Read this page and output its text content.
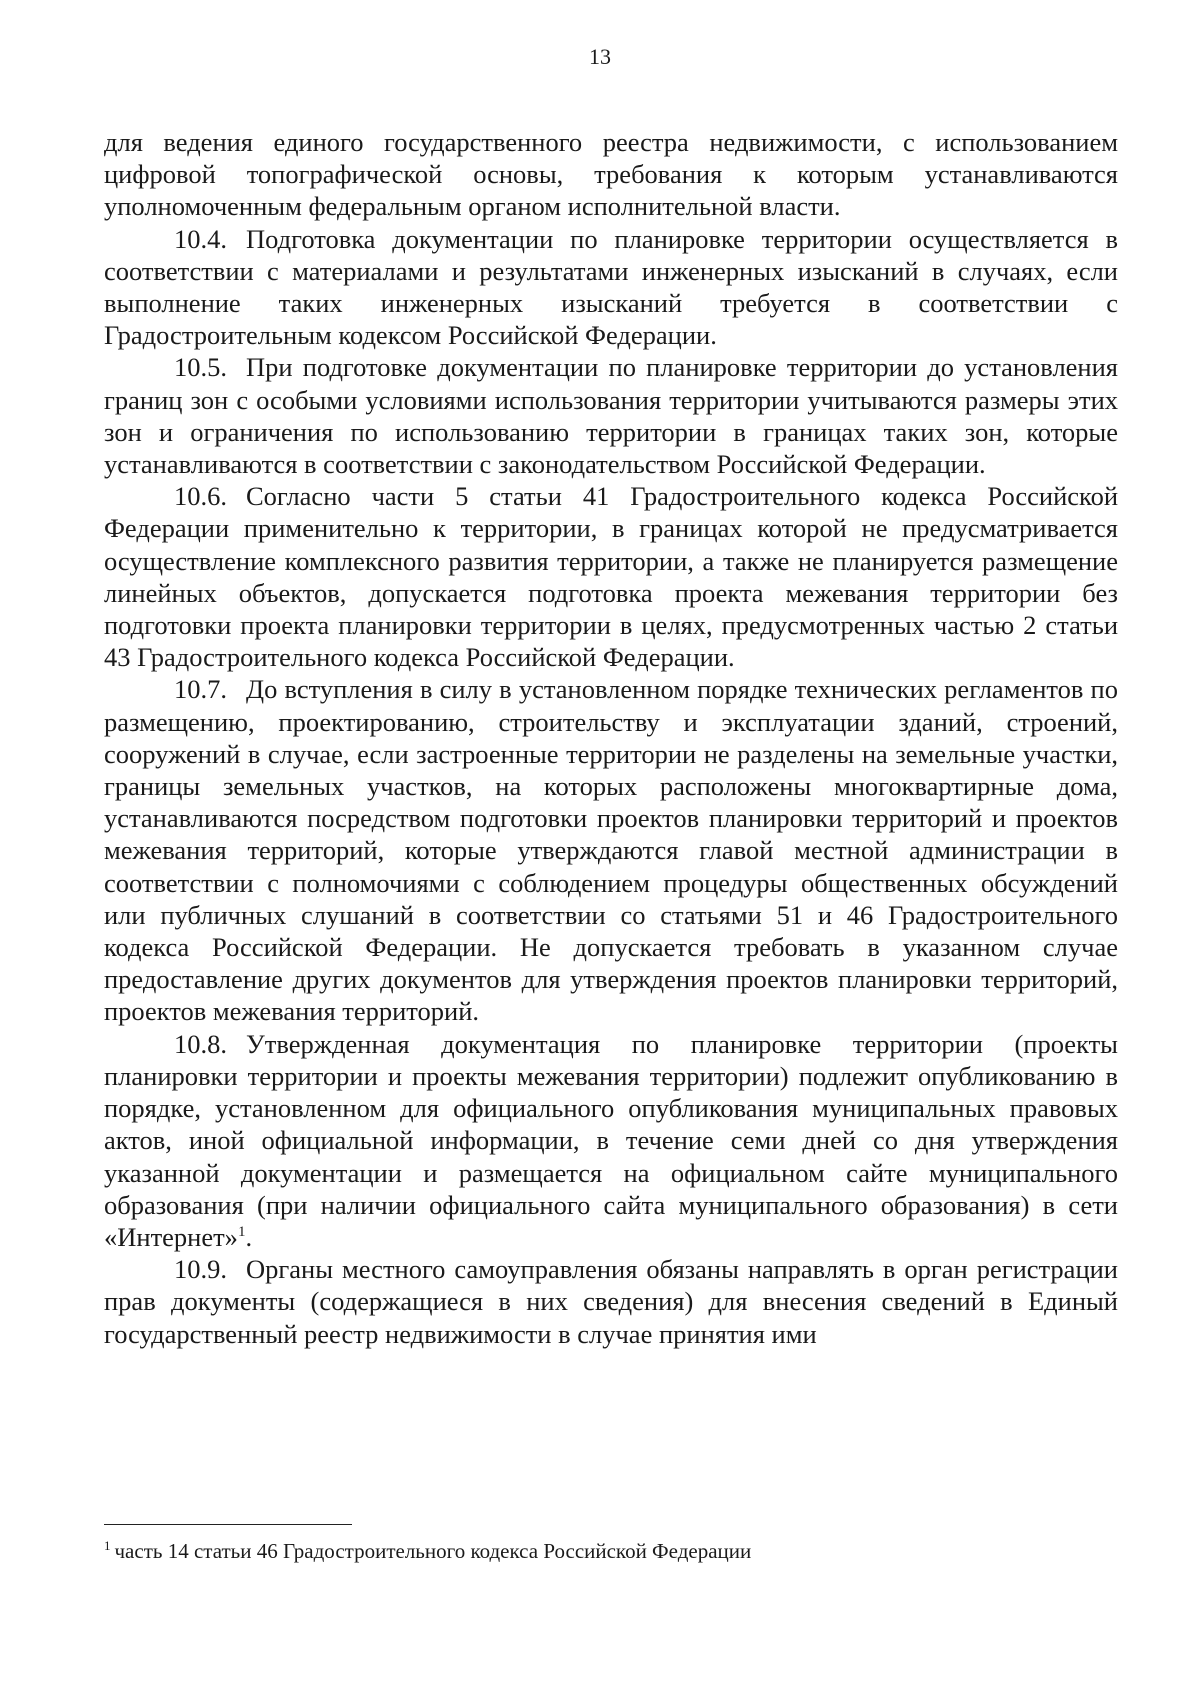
13

для ведения единого государственного реестра недвижимости, с использованием цифровой топографической основы, требования к которым устанавливаются уполномоченным федеральным органом исполнительной власти.

10.4. Подготовка документации по планировке территории осуществляется в соответствии с материалами и результатами инженерных изысканий в случаях, если выполнение таких инженерных изысканий требуется в соответствии с Градостроительным кодексом Российской Федерации.

10.5. При подготовке документации по планировке территории до установления границ зон с особыми условиями использования территории учитываются размеры этих зон и ограничения по использованию территории в границах таких зон, которые устанавливаются в соответствии с законодательством Российской Федерации.

10.6. Согласно части 5 статьи 41 Градостроительного кодекса Российской Федерации применительно к территории, в границах которой не предусматривается осуществление комплексного развития территории, а также не планируется размещение линейных объектов, допускается подготовка проекта межевания территории без подготовки проекта планировки территории в целях, предусмотренных частью 2 статьи 43 Градостроительного кодекса Российской Федерации.

10.7. До вступления в силу в установленном порядке технических регламентов по размещению, проектированию, строительству и эксплуатации зданий, строений, сооружений в случае, если застроенные территории не разделены на земельные участки, границы земельных участков, на которых расположены многоквартирные дома, устанавливаются посредством подготовки проектов планировки территорий и проектов межевания территорий, которые утверждаются главой местной администрации в соответствии с полномочиями с соблюдением процедуры общественных обсуждений или публичных слушаний в соответствии со статьями 51 и 46 Градостроительного кодекса Российской Федерации. Не допускается требовать в указанном случае предоставление других документов для утверждения проектов планировки территорий, проектов межевания территорий.

10.8. Утвержденная документация по планировке территории (проекты планировки территории и проекты межевания территории) подлежит опубликованию в порядке, установленном для официального опубликования муниципальных правовых актов, иной официальной информации, в течение семи дней со дня утверждения указанной документации и размещается на официальном сайте муниципального образования (при наличии официального сайта муниципального образования) в сети «Интернет»$^1$.

10.9. Органы местного самоуправления обязаны направлять в орган регистрации прав документы (содержащиеся в них сведения) для внесения сведений в Единый государственный реестр недвижимости в случае принятия ими

$^1$ часть 14 статьи 46 Градостроительного кодекса Российской Федерации
